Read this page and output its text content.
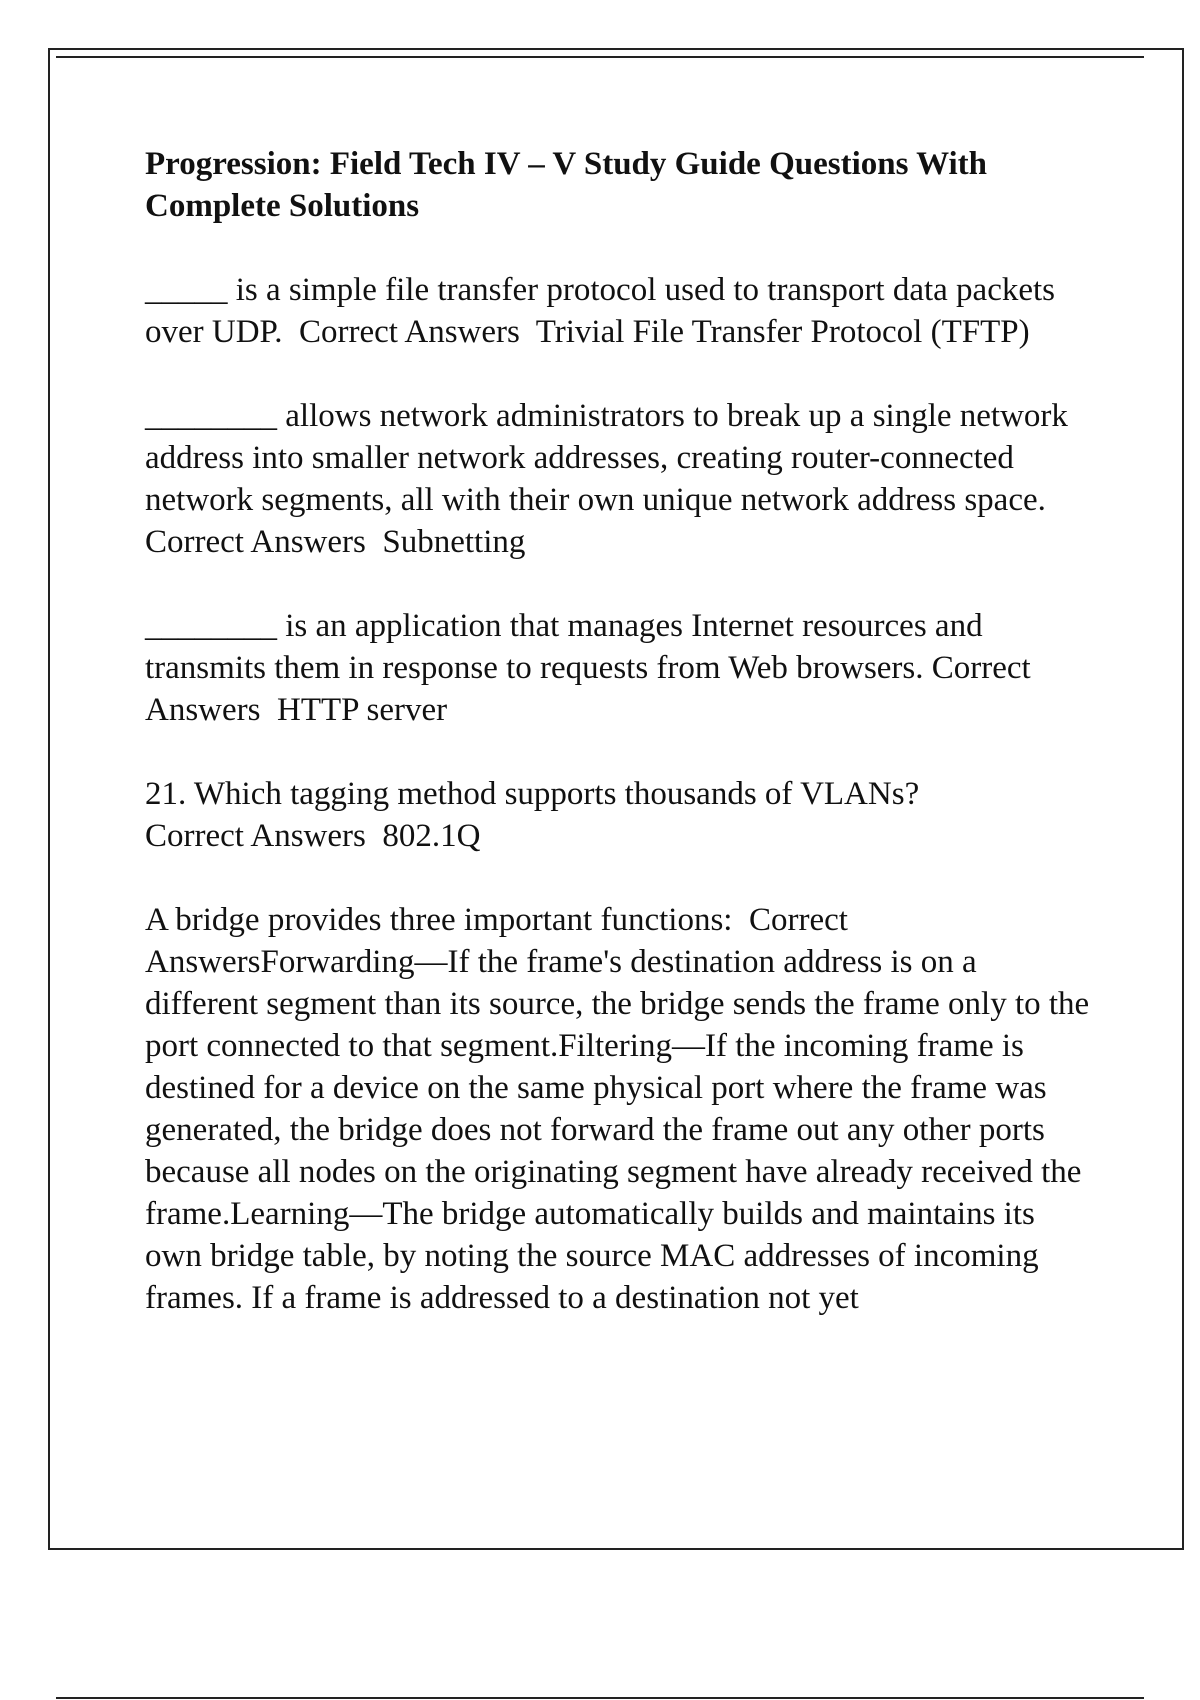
Progression: Field Tech IV – V Study Guide Questions With Complete Solutions

_____ is a simple file transfer protocol used to transport data packets over UDP. Correct Answers Trivial File Transfer Protocol (TFTP)

________ allows network administrators to break up a single network address into smaller network addresses, creating router-connected network segments, all with their own unique network address space.  Correct Answers Subnetting

________ is an application that manages Internet resources and transmits them in response to requests from Web browsers. Correct Answers HTTP server

21. Which tagging method supports thousands of VLANs?
Correct Answers 802.1Q

A bridge provides three important functions: Correct AnswersForwarding—If the frame's destination address is on a different segment than its source, the bridge sends the frame only to the port connected to that segment.Filtering—If the incoming frame is destined for a device on the same physical port where the frame was generated, the bridge does not forward the frame out any other ports because all nodes on the originating segment have already received the frame.Learning—The bridge automatically builds and maintains its own bridge table, by noting the source MAC addresses of incoming frames. If a frame is addressed to a destination not yet
